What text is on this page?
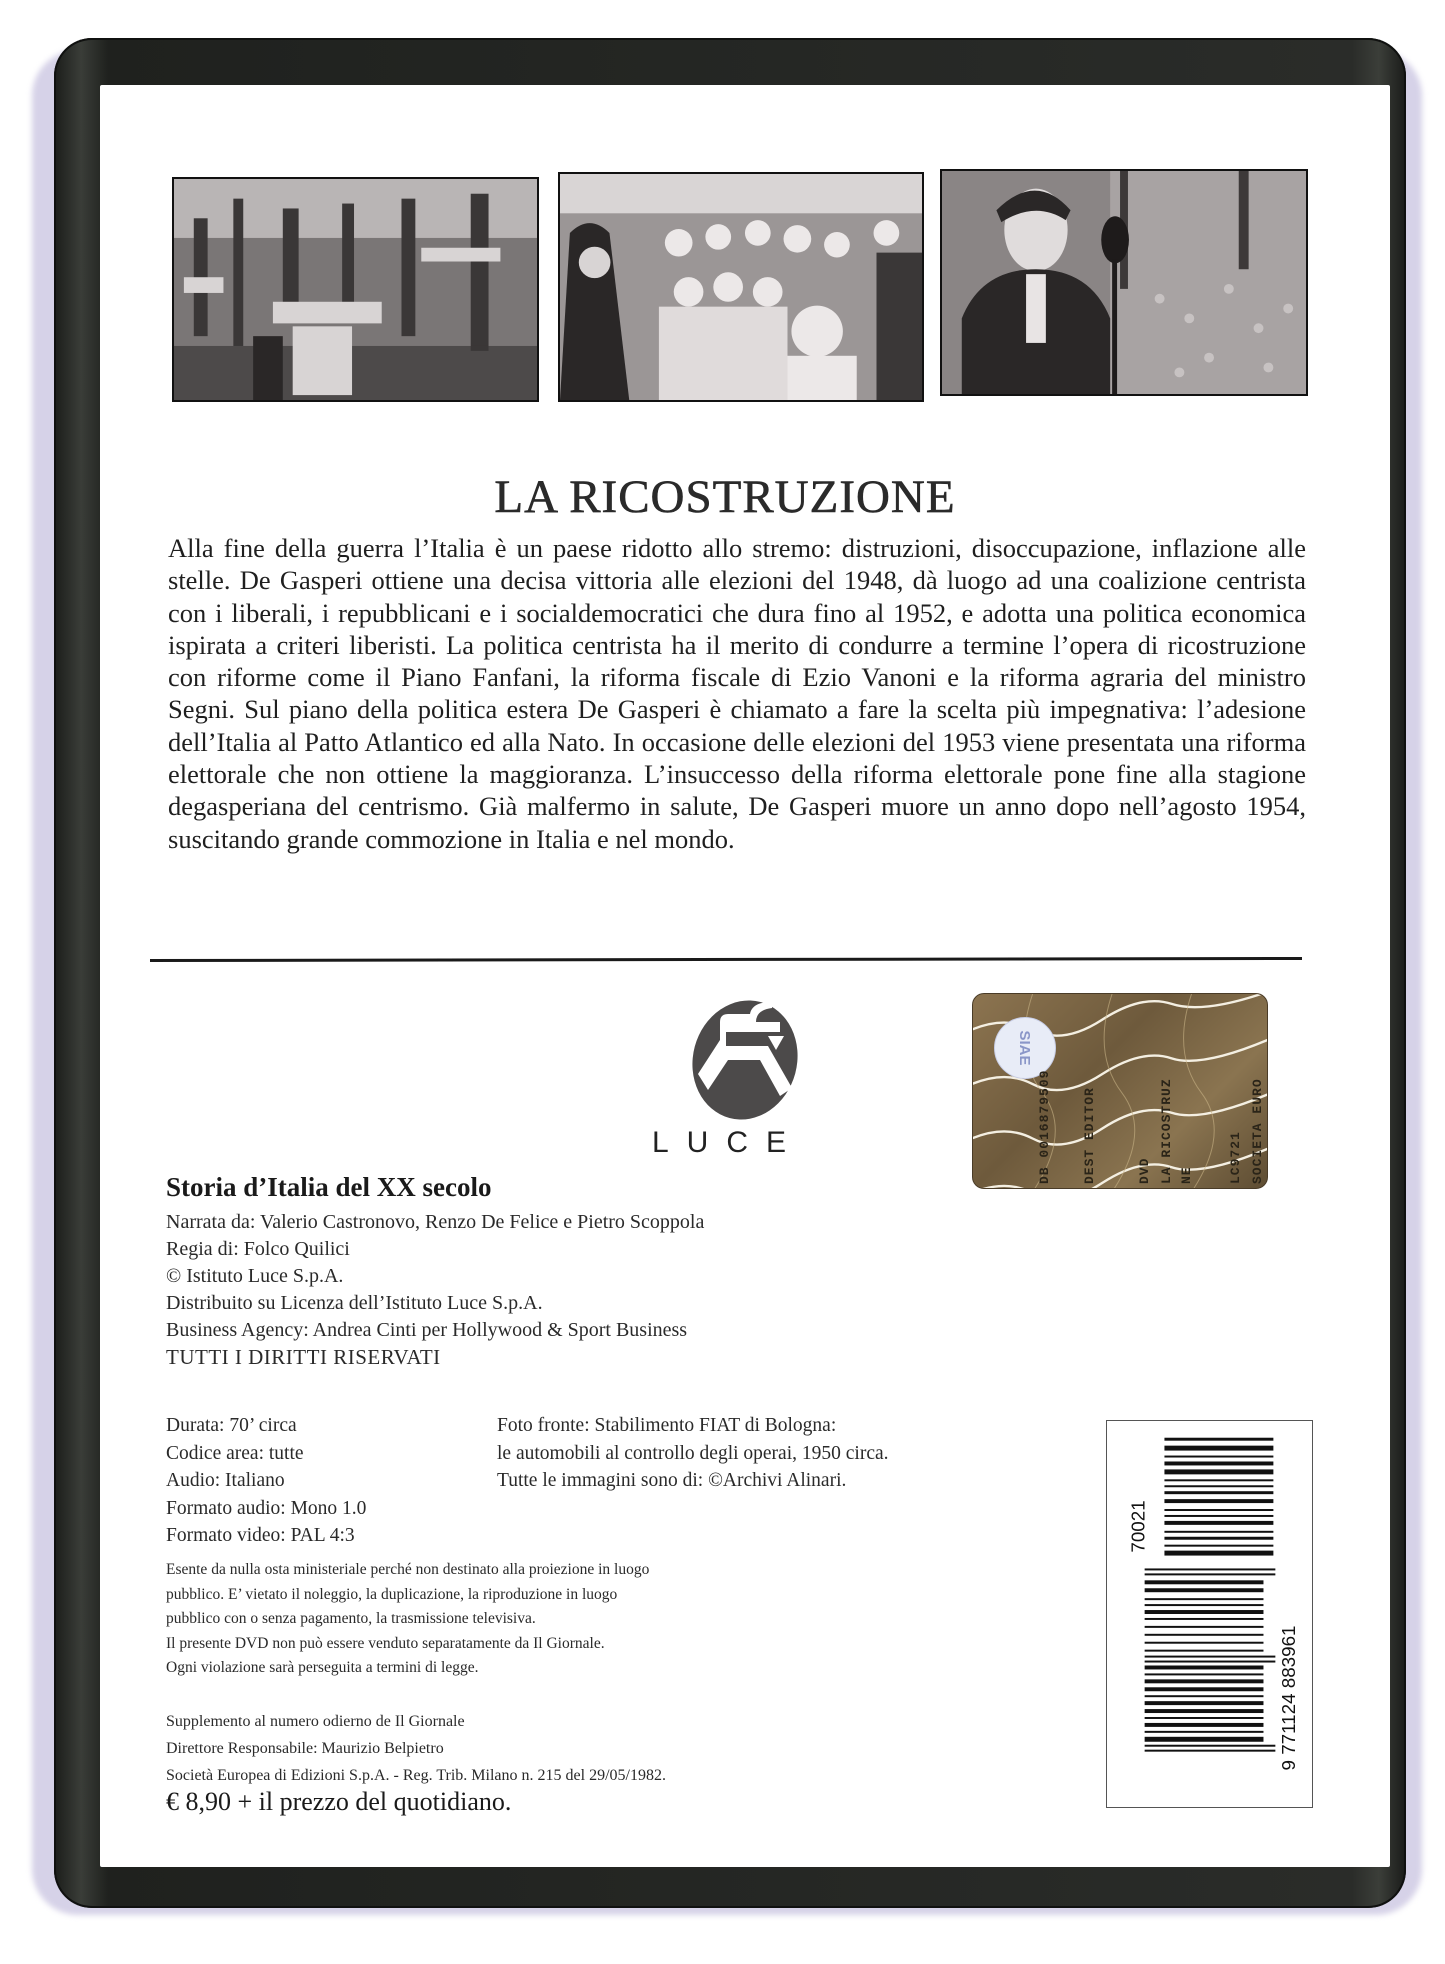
LA RICOSTRUZIONE
Alla fine della guerra l’Italia è un paese ridotto allo stremo: distruzioni, disoccupazione, inflazione alle stelle. De Gasperi ottiene una decisa vittoria alle elezioni del 1948, dà luogo ad una coalizione centrista con i liberali, i repubblicani e i socialdemocratici che dura fino al 1952, e adotta una politica economica ispirata a criteri liberisti. La politica centrista ha il merito di condurre a termine l’opera di ricostruzione con riforme come il Piano Fanfani, la riforma fiscale di Ezio Vanoni e la riforma agraria del ministro Segni. Sul piano della politica estera De Gasperi è chiamato a fare la scelta più impegnativa: l’adesione dell’Italia al Patto Atlantico ed alla Nato. In occasione delle elezioni del 1953 viene presentata una riforma elettorale che non ottiene la maggioranza. L’insuccesso della riforma elettorale pone fine alla stagione degasperiana del centrismo. Già malfermo in salute, De Gasperi muore un anno dopo nell’agosto 1954, suscitando grande commozione in Italia e nel mondo.
LUCE
SIAE
DB 0016879509 DEST EDITOR	DVD LA RICOSTRUZ NE	LC9721 SOCIETA EURO
Storia d’Italia del XX secolo
Narrata da: Valerio Castronovo, Renzo De Felice e Pietro Scoppola
Regia di: Folco Quilici
© Istituto Luce S.p.A.
Distribuito su Licenza dell’Istituto Luce S.p.A.
Business Agency: Andrea Cinti per Hollywood & Sport Business
TUTTI I DIRITTI RISERVATI
Durata: 70’ circa
Codice area: tutte
Audio: Italiano
Formato audio: Mono 1.0
Formato video: PAL 4:3
Foto fronte: Stabilimento FIAT di Bologna:
le automobili al controllo degli operai, 1950 circa.
Tutte le immagini sono di: ©Archivi Alinari.
Esente da nulla osta ministeriale perché non destinato alla proiezione in luogo
pubblico. E’ vietato il noleggio, la duplicazione, la riproduzione in luogo
pubblico con o senza pagamento, la trasmissione televisiva.
Il presente DVD non può essere venduto separatamente da Il Giornale.
Ogni violazione sarà perseguita a termini di legge.
Supplemento al numero odierno de Il Giornale
Direttore Responsabile: Maurizio Belpietro
Società Europea di Edizioni S.p.A. - Reg. Trib. Milano n. 215 del 29/05/1982.
€ 8,90 + il prezzo del quotidiano.
70021
9 771124 883961
